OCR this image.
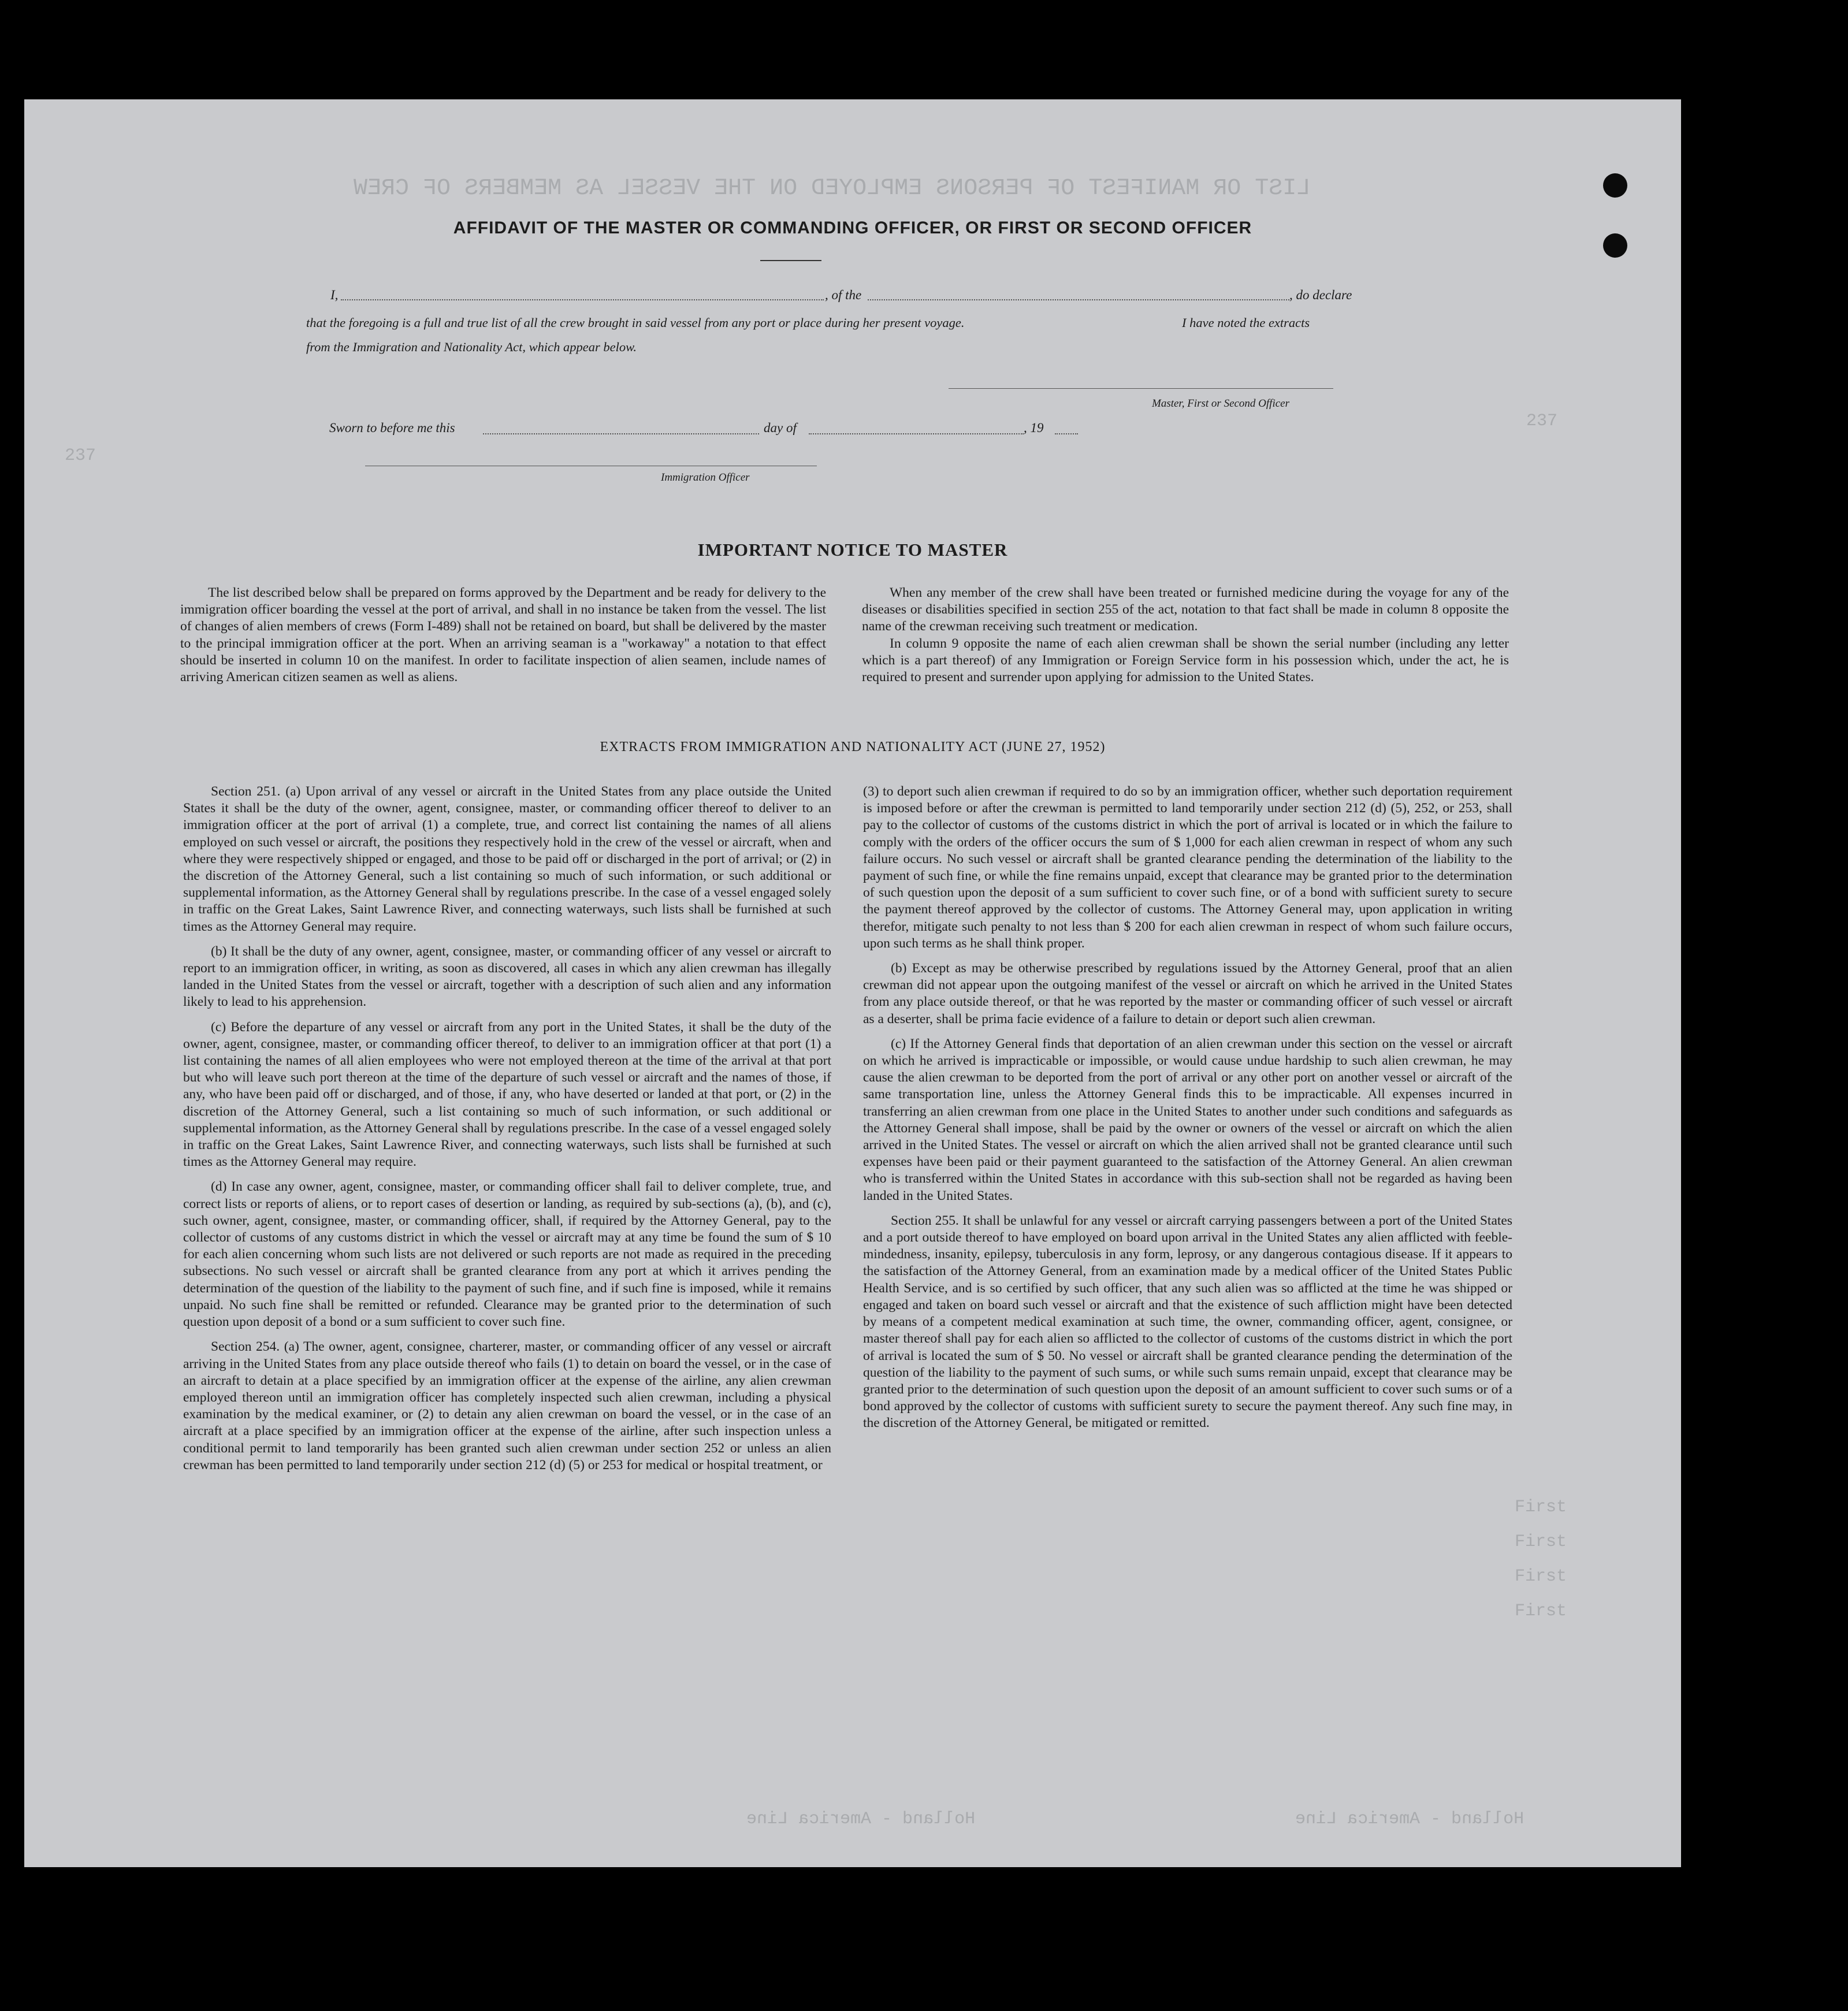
LIST OR MANIFEST OF PERSONS EMPLOYED ON THE VESSEL AS MEMBERS OF CREW
237
237
First
First
First
First
Holland - America Line	Holland - America Line
AFFIDAVIT OF THE MASTER OR COMMANDING OFFICER, OR FIRST OR SECOND OFFICER
I,	, of the	, do declare
that the foregoing is a full and true list of all the crew brought in said vessel from any port or place during her present voyage.	I have noted the extracts
from the Immigration and Nationality Act, which appear below.
Master, First or Second Officer
Sworn to before me this	day of	, 19
Immigration Officer
IMPORTANT NOTICE TO MASTER

The list described below shall be prepared on forms approved by the Department and be ready for delivery to the immigration officer boarding the vessel at the port of arrival, and shall in no instance be taken from the vessel. The list of changes of alien members of crews (Form I-489) shall not be retained on board, but shall be delivered by the master to the principal immigration officer at the port. When an arriving seaman is a "workaway" a notation to that effect should be inserted in column 10 on the manifest. In order to facilitate inspection of alien seamen, include names of arriving American citizen seamen as well as aliens.

When any member of the crew shall have been treated or furnished medicine during the voyage for any of the diseases or disabilities specified in section 255 of the act, notation to that fact shall be made in column 8 opposite the name of the crewman receiving such treatment or medication.

In column 9 opposite the name of each alien crewman shall be shown the serial number (including any letter which is a part thereof) of any Immigration or Foreign Service form in his possession which, under the act, he is required to present and surrender upon applying for admission to the United States.

EXTRACTS FROM IMMIGRATION AND NATIONALITY ACT (JUNE 27, 1952)

Section 251. (a) Upon arrival of any vessel or aircraft in the United States from any place outside the United States it shall be the duty of the owner, agent, consignee, master, or commanding officer thereof to deliver to an immigration officer at the port of arrival (1) a complete, true, and correct list containing the names of all aliens employed on such vessel or aircraft, the positions they respectively hold in the crew of the vessel or aircraft, when and where they were respectively shipped or engaged, and those to be paid off or discharged in the port of arrival; or (2) in the discretion of the Attorney General, such a list containing so much of such information, or such additional or supplemental information, as the Attorney General shall by regulations prescribe. In the case of a vessel engaged solely in traffic on the Great Lakes, Saint Lawrence River, and connecting waterways, such lists shall be furnished at such times as the Attorney General may require.

(b) It shall be the duty of any owner, agent, consignee, master, or commanding officer of any vessel or aircraft to report to an immigration officer, in writing, as soon as discovered, all cases in which any alien crewman has illegally landed in the United States from the vessel or aircraft, together with a description of such alien and any information likely to lead to his apprehension.

(c) Before the departure of any vessel or aircraft from any port in the United States, it shall be the duty of the owner, agent, consignee, master, or commanding officer thereof, to deliver to an immigration officer at that port (1) a list containing the names of all alien employees who were not employed thereon at the time of the arrival at that port but who will leave such port thereon at the time of the departure of such vessel or aircraft and the names of those, if any, who have been paid off or discharged, and of those, if any, who have deserted or landed at that port, or (2) in the discretion of the Attorney General, such a list containing so much of such information, or such additional or supplemental information, as the Attorney General shall by regulations prescribe. In the case of a vessel engaged solely in traffic on the Great Lakes, Saint Lawrence River, and connecting waterways, such lists shall be furnished at such times as the Attorney General may require.

(d) In case any owner, agent, consignee, master, or commanding officer shall fail to deliver complete, true, and correct lists or reports of aliens, or to report cases of desertion or landing, as required by sub-sections (a), (b), and (c), such owner, agent, consignee, master, or commanding officer, shall, if required by the Attorney General, pay to the collector of customs of any customs district in which the vessel or aircraft may at any time be found the sum of $ 10 for each alien concerning whom such lists are not delivered or such reports are not made as required in the preceding subsections. No such vessel or aircraft shall be granted clearance from any port at which it arrives pending the determination of the question of the liability to the payment of such fine, and if such fine is imposed, while it remains unpaid. No such fine shall be remitted or refunded. Clearance may be granted prior to the determination of such question upon deposit of a bond or a sum sufficient to cover such fine.

Section 254. (a) The owner, agent, consignee, charterer, master, or commanding officer of any vessel or aircraft arriving in the United States from any place outside thereof who fails (1) to detain on board the vessel, or in the case of an aircraft to detain at a place specified by an immigration officer at the expense of the airline, any alien crewman employed thereon until an immigration officer has completely inspected such alien crewman, including a physical examination by the medical examiner, or (2) to detain any alien crewman on board the vessel, or in the case of an aircraft at a place specified by an immigration officer at the expense of the airline, after such inspection unless a conditional permit to land temporarily has been granted such alien crewman under section 252 or unless an alien crewman has been permitted to land temporarily under section 212 (d) (5) or 253 for medical or hospital treatment, or

(3) to deport such alien crewman if required to do so by an immigration officer, whether such deportation requirement is imposed before or after the crewman is permitted to land temporarily under section 212 (d) (5), 252, or 253, shall pay to the collector of customs of the customs district in which the port of arrival is located or in which the failure to comply with the orders of the officer occurs the sum of $ 1,000 for each alien crewman in respect of whom any such failure occurs. No such vessel or aircraft shall be granted clearance pending the determination of the liability to the payment of such fine, or while the fine remains unpaid, except that clearance may be granted prior to the determination of such question upon the deposit of a sum sufficient to cover such fine, or of a bond with sufficient surety to secure the payment thereof approved by the collector of customs. The Attorney General may, upon application in writing therefor, mitigate such penalty to not less than $ 200 for each alien crewman in respect of whom such failure occurs, upon such terms as he shall think proper.

(b) Except as may be otherwise prescribed by regulations issued by the Attorney General, proof that an alien crewman did not appear upon the outgoing manifest of the vessel or aircraft on which he arrived in the United States from any place outside thereof, or that he was reported by the master or commanding officer of such vessel or aircraft as a deserter, shall be prima facie evidence of a failure to detain or deport such alien crewman.

(c) If the Attorney General finds that deportation of an alien crewman under this section on the vessel or aircraft on which he arrived is impracticable or impossible, or would cause undue hardship to such alien crewman, he may cause the alien crewman to be deported from the port of arrival or any other port on another vessel or aircraft of the same transportation line, unless the Attorney General finds this to be impracticable. All expenses incurred in transferring an alien crewman from one place in the United States to another under such conditions and safeguards as the Attorney General shall impose, shall be paid by the owner or owners of the vessel or aircraft on which the alien arrived in the United States. The vessel or aircraft on which the alien arrived shall not be granted clearance until such expenses have been paid or their payment guaranteed to the satisfaction of the Attorney General. An alien crewman who is transferred within the United States in accordance with this sub-section shall not be regarded as having been landed in the United States.

Section 255. It shall be unlawful for any vessel or aircraft carrying passengers between a port of the United States and a port outside thereof to have employed on board upon arrival in the United States any alien afflicted with feeble-mindedness, insanity, epilepsy, tuberculosis in any form, leprosy, or any dangerous contagious disease. If it appears to the satisfaction of the Attorney General, from an examination made by a medical officer of the United States Public Health Service, and is so certified by such officer, that any such alien was so afflicted at the time he was shipped or engaged and taken on board such vessel or aircraft and that the existence of such affliction might have been detected by means of a competent medical examination at such time, the owner, commanding officer, agent, consignee, or master thereof shall pay for each alien so afflicted to the collector of customs of the customs district in which the port of arrival is located the sum of $ 50. No vessel or aircraft shall be granted clearance pending the determination of the question of the liability to the payment of such sums, or while such sums remain unpaid, except that clearance may be granted prior to the determination of such question upon the deposit of an amount sufficient to cover such sums or of a bond approved by the collector of customs with sufficient surety to secure the payment thereof. Any such fine may, in the discretion of the Attorney General, be mitigated or remitted.
